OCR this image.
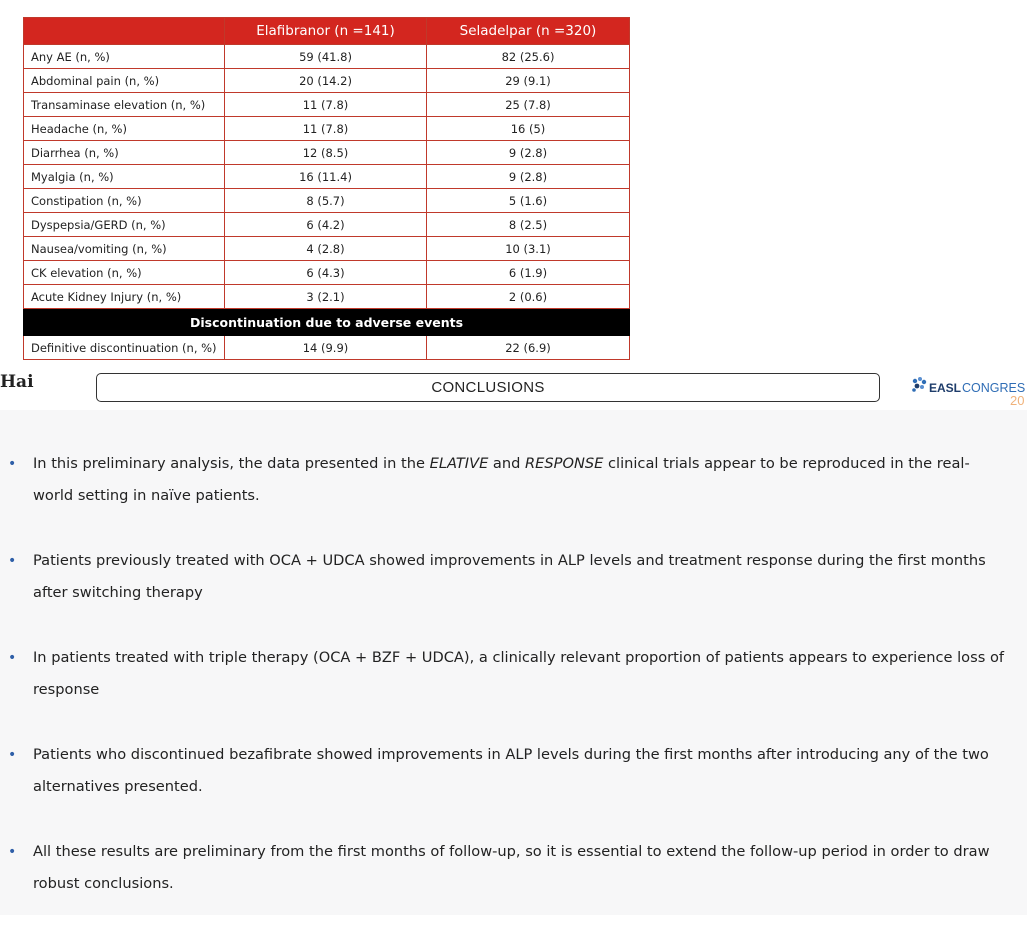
	Elafibranor (n =141)	Seladelpar (n =320)
Any AE (n, %)	59 (41.8)	82 (25.6)
Abdominal pain (n, %)	20 (14.2)	29 (9.1)
Transaminase elevation (n, %)	11 (7.8)	25 (7.8)
Headache (n, %)	11 (7.8)	16 (5)
Diarrhea (n, %)	12 (8.5)	9 (2.8)
Myalgia (n, %)	16 (11.4)	9 (2.8)
Constipation (n, %)	8 (5.7)	5 (1.6)
Dyspepsia/GERD (n, %)	6 (4.2)	8 (2.5)
Nausea/vomiting (n, %)	4 (2.8)	10 (3.1)
CK elevation (n, %)	6 (4.3)	6 (1.9)
Acute Kidney Injury (n, %)	3 (2.1)	2 (0.6)
Discontinuation due to adverse events		
Definitive discontinuation (n, %)	14 (9.9)	22 (6.9)
Hai	CONCLUSIONS	EASL CONGRES
20
• In this preliminary analysis, the data presented in the ELATIVE and RESPONSE clinical trials appear to be reproduced in the real-world setting in naïve patients.
• Patients previously treated with OCA + UDCA showed improvements in ALP levels and treatment response during the first months after switching therapy
• In patients treated with triple therapy (OCA + BZF + UDCA), a clinically relevant proportion of patients appears to experience loss of response
• Patients who discontinued bezafibrate showed improvements in ALP levels during the first months after introducing any of the two alternatives presented.
• All these results are preliminary from the first months of follow-up, so it is essential to extend the follow-up period in order to draw robust conclusions.
